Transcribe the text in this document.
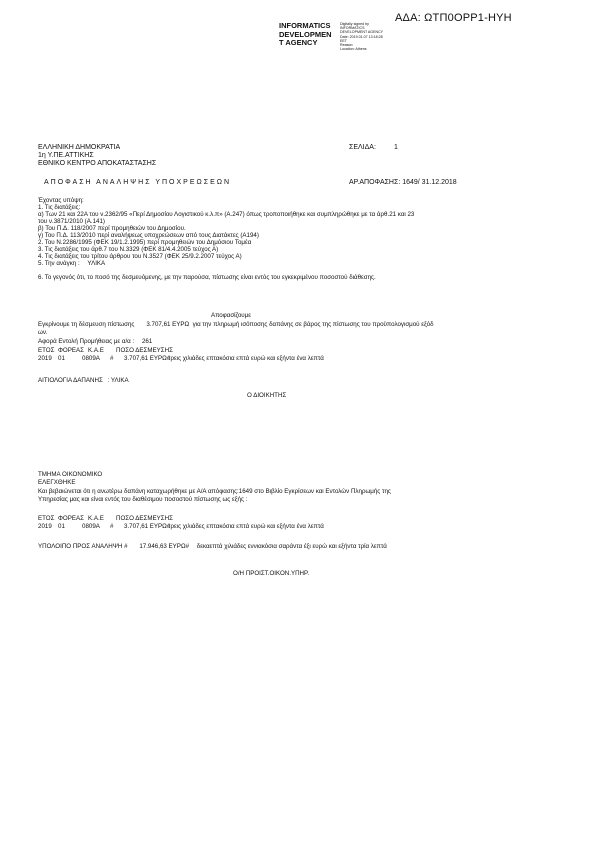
ΑΔΑ: ΩΤΠ0ΟΡΡ1-ΗΥΗ
INFORMATICS
DEVELOPMEN
T AGENCY
Digitally signed by
INFORMATICS
DEVELOPMENT AGENCY
Date: 2019.01.07 13:18:28
EET
Reason:
Location: Athens
ΕΛΛΗΝΙΚΗ ΔΗΜΟΚΡΑΤΙΑ
1η Υ.ΠΕ.ΑΤΤΙΚΗΣ
ΕΘΝΙΚΟ ΚΕΝΤΡΟ ΑΠΟΚΑΤΑΣΤΑΣΗΣ
ΣΕΛΙΔΑ:	1
ΑΠΟΦΑΣΗ ΑΝΑΛΗΨΗΣ ΥΠΟΧΡΕΩΣΕΩΝ	ΑΡ.ΑΠΟΦΑΣΗΣ: 1649/ 31.12.2018
Έχοντας υπόψη:
1. Τις διατάξεις:
α) Των 21 και 22Α του ν.2362/95 «Περί Δημοσίου Λογιστικού κ.λ.π» (Α.247) όπως τροποποιήθηκε και συμπληρώθηκε με τα άρθ.21 και 23
του ν.3871/2010 (Α.141)
β) Του Π.Δ. 118/2007 περί προμηθειών του Δημοσίου.
γ) Του Π.Δ. 113/2010 περί αναλήψεως υποχρεώσεων από τους Διατάκτες (Α194)
2. Του Ν.2286/1995 (ΦΕΚ 19/1.2.1995) περί προμηθειών του Δημόσιου Τομέα
3. Τις διατάξεις του άρθ.7 του Ν.3329 (ΦΕΚ 81/4.4.2005 τεύχος Α)
4. Τις διατάξεις του τρίτου άρθρου του Ν.3527 (ΦΕΚ 25/9.2.2007 τεύχος Α)
5. Την ανάγκη : ΥΛΙΚΑ
6. Το γεγονός ότι, το ποσό της δεσμευόμενης, με την παρούσα, πίστωσης είναι εντός του εγκεκριμένου ποσοστού διάθεσης.
Αποφασίζουμε
Εγκρίνουμε τη δέσμευση πίστωσης 3.707,61 ΕΥΡΩ για την πληρωμή ισόποσης δαπάνης σε βάρος της πίστωσης του προϋπολογισμού εξόδ
ων.
Αφορά Εντολή Προμήθειας με α/α : 261
ΕΤΟΣ ΦΟΡΕΑΣ Κ.Α.Ε ΠΟΣΟ ΔΕΣΜΕΥΣΗΣ
2019 01	0809Α # 3.707,61 ΕΥΡΩ#
τρεις χιλιάδες επτακόσια επτά ευρώ και εξήντα ένα λεπτά
ΑΙΤΙΟΛΟΓΙΑ ΔΑΠΑΝΗΣ : ΥΛΙΚΑ
Ο ΔΙΟΙΚΗΤΗΣ
ΤΜΗΜΑ ΟΙΚΟΝΟΜΙΚΟ
ΕΛΕΓΧΘΗΚΕ
Και βεβαιώνεται ότι η ανωτέρω δαπάνη καταχωρήθηκε με Α/Α απόφασης:1649 στο Βιβλίο Εγκρίσεων και Εντολών Πληρωμής της
Υπηρεσίας μας και είναι εντός του διαθέσιμου ποσοστού πίστωσης ως εξής :
ΕΤΟΣ ΦΟΡΕΑΣ Κ.Α.Ε ΠΟΣΟ ΔΕΣΜΕΥΣΗΣ
2019 01	0809Α # 3.707,61 ΕΥΡΩ#
τρεις χιλιάδες επτακόσια επτά ευρώ και εξήντα ένα λεπτά
ΥΠΟΛΟΙΠΟ ΠΡΟΣ ΑΝΑΛΗΨΗ # 17.946,63 ΕΥΡΩ# δεκαεπτά χιλιάδες εννιακόσια σαράντα έξι ευρώ και εξήντα τρία λεπτά
Ο/Η ΠΡΟΙΣΤ.ΟΙΚΟΝ.ΥΠΗΡ.
